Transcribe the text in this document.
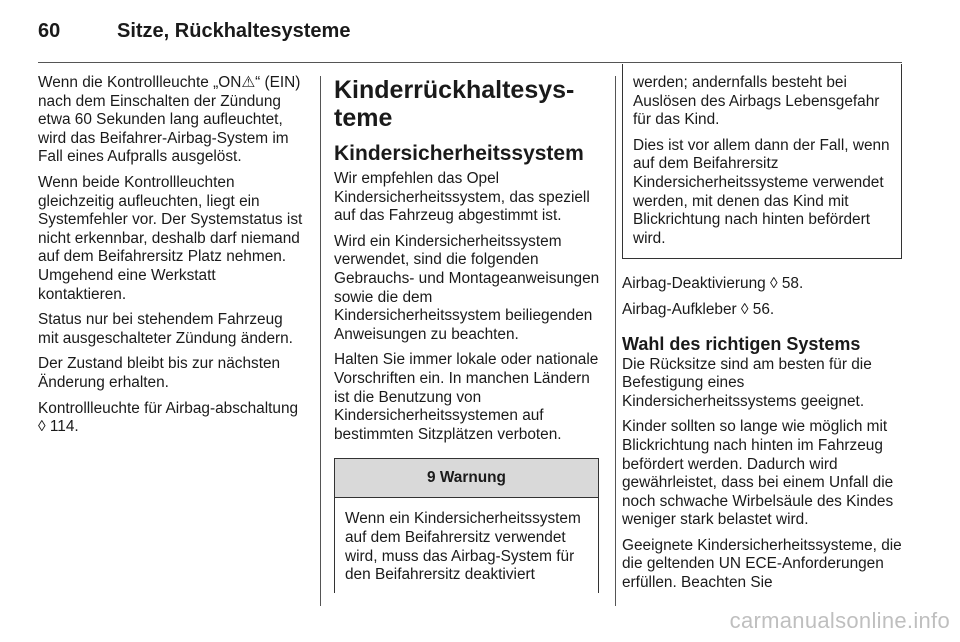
60	Sitze, Rückhaltesysteme

Wenn die Kontrollleuchte „ON⚠“ (EIN) nach dem Einschalten der Zündung etwa 60 Sekunden lang aufleuchtet, wird das Beifahrer-Airbag-System im Fall eines Aufpralls ausgelöst.

Wenn beide Kontrollleuchten gleichzeitig aufleuchten, liegt ein Systemfehler vor. Der Systemstatus ist nicht erkennbar, deshalb darf niemand auf dem Beifahrersitz Platz nehmen. Umgehend eine Werkstatt kontaktieren.

Status nur bei stehendem Fahrzeug mit ausgeschalteter Zündung ändern.

Der Zustand bleibt bis zur nächsten Änderung erhalten.

Kontrollleuchte für Airbag-abschaltung ◊ 114.

Kinderrückhaltesysteme
Kindersicherheitssystem

Wir empfehlen das Opel Kindersicherheitssystem, das speziell auf das Fahrzeug abgestimmt ist.

Wird ein Kindersicherheitssystem verwendet, sind die folgenden Gebrauchs- und Montageanweisungen sowie die dem Kindersicherheitssystem beiliegenden Anweisungen zu beachten.

Halten Sie immer lokale oder nationale Vorschriften ein. In manchen Ländern ist die Benutzung von Kindersicherheitssystemen auf bestimmten Sitzplätzen verboten.

9 Warnung
Wenn ein Kindersicherheitssystem auf dem Beifahrersitz verwendet wird, muss das Airbag-System für den Beifahrersitz deaktiviert

werden; andernfalls besteht bei Auslösen des Airbags Lebensgefahr für das Kind.

Dies ist vor allem dann der Fall, wenn auf dem Beifahrersitz Kindersicherheitssysteme verwendet werden, mit denen das Kind mit Blickrichtung nach hinten befördert wird.

Airbag-Deaktivierung ◊ 58.

Airbag-Aufkleber ◊ 56.

Wahl des richtigen Systems

Die Rücksitze sind am besten für die Befestigung eines Kindersicherheitssystems geeignet.

Kinder sollten so lange wie möglich mit Blickrichtung nach hinten im Fahrzeug befördert werden. Dadurch wird gewährleistet, dass bei einem Unfall die noch schwache Wirbelsäule des Kindes weniger stark belastet wird.

Geeignete Kindersicherheitssysteme, die die geltenden UN ECE-Anforderungen erfüllen. Beachten Sie

carmanualsonline.info
